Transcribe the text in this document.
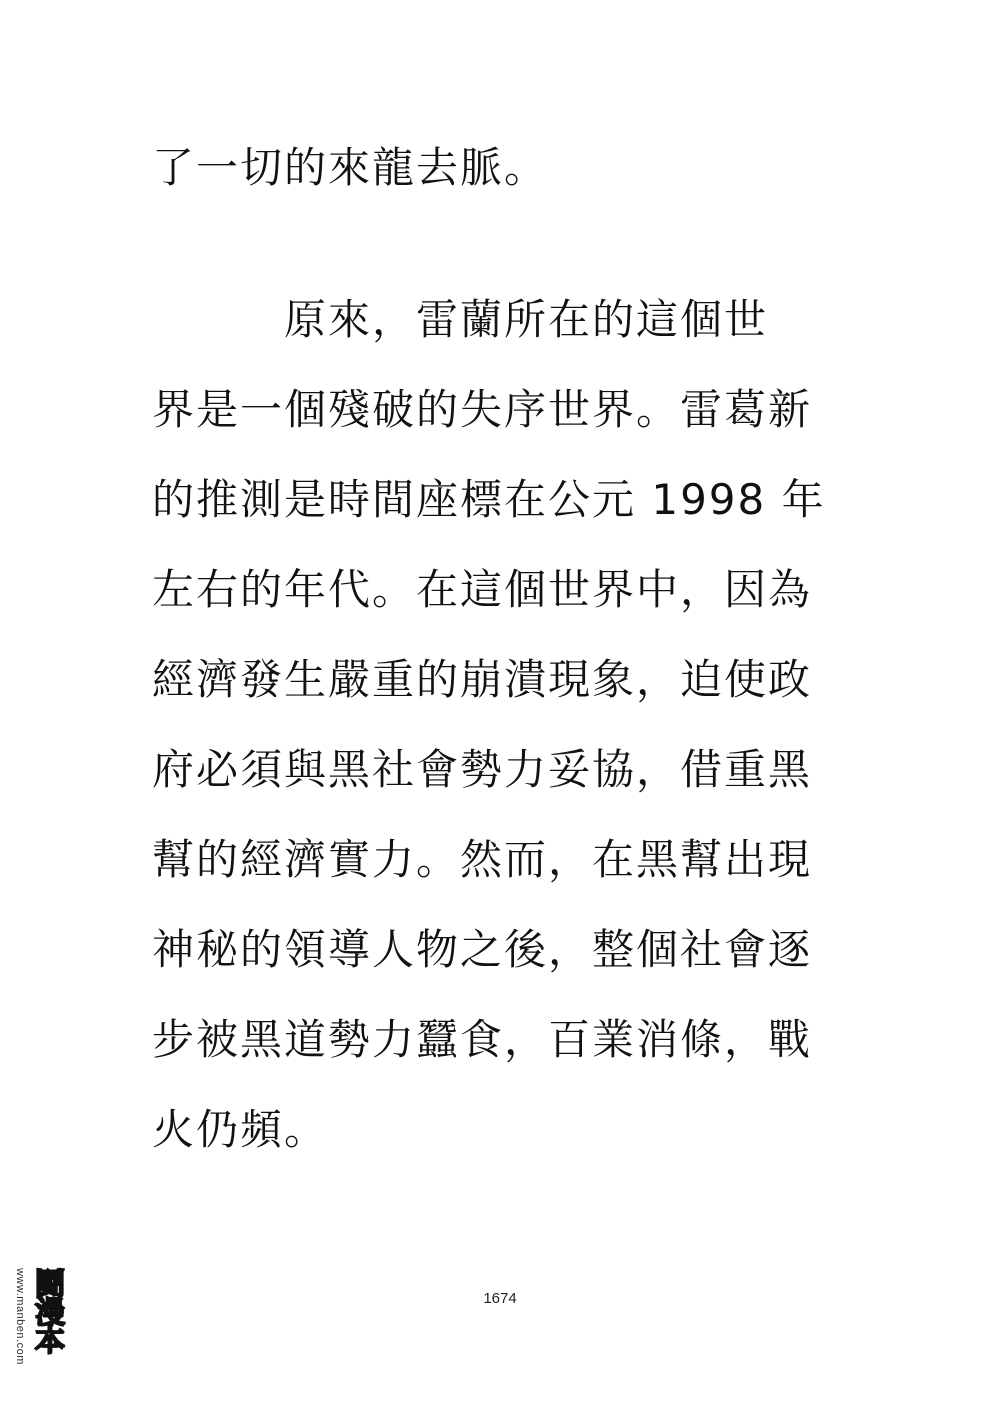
了一切的來龍去脈。
　　　原來，雷蘭所在的這個世
界是一個殘破的失序世界。雷葛新
的推測是時間座標在公元 1998 年
左右的年代。在這個世界中，因為
經濟發生嚴重的崩潰現象，迫使政
府必須與黑社會勢力妥協，借重黑
幫的經濟實力。然而，在黑幫出現
神秘的領導人物之後，整個社會逐
步被黑道勢力蠶食，百業消條，戰
火仍頻。
1674
www.manben.com 鬪漫本
